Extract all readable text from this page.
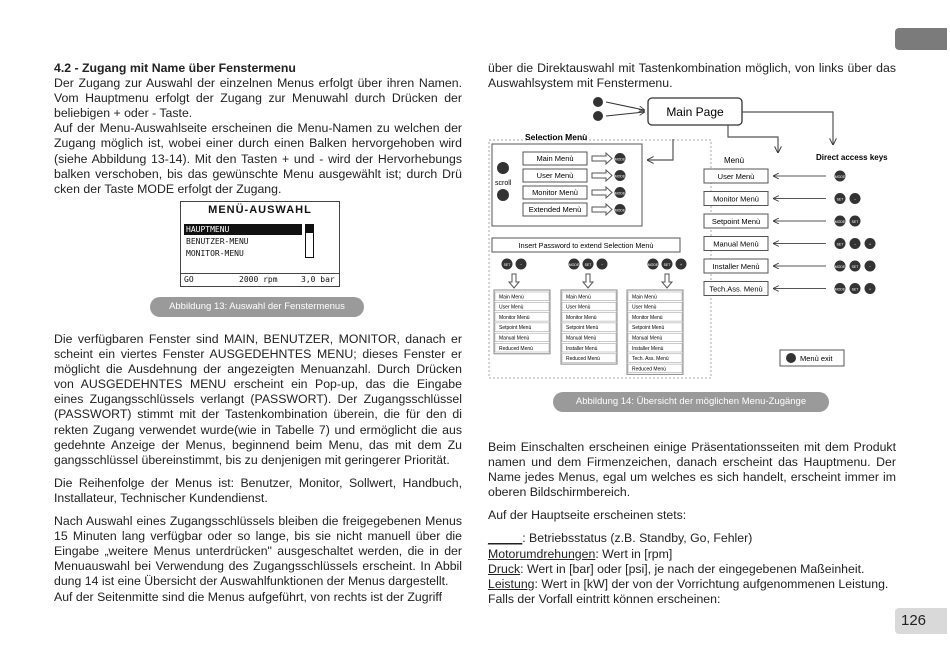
4.2 - Zugang mit Name über Fenstermenu

Der Zugang zur Auswahl der einzelnen Menus erfolgt über ihren Namen. Vom Hauptmenu erfolgt der Zugang zur Menuwahl durch Drücken der beliebigen + oder - Taste.

Auf der Menu-Auswahlseite erscheinen die Menu-Namen zu welchen der Zugang möglich ist, wobei einer durch einen Balken hervorgehoben wird (siehe Abbildung 13-14). Mit den Tasten + und - wird der Hervorhebungs balken verschoben, bis das gewünschte Menu ausgewählt ist; durch Drü cken der Taste MODE erfolgt der Zugang.

MENÜ-AUSWAHL
HAUPTMENU
BENUTZER-MENU
MONITOR-MENU
GO	2000 rpm	3,0 bar
Abbildung 13: Auswahl der Fenstermenus

Die verfügbaren Fenster sind MAIN, BENUTZER, MONITOR, danach er scheint ein viertes Fenster AUSGEDEHNTES MENU; dieses Fenster er möglicht die Ausdehnung der angezeigten Menuanzahl. Durch Drücken von AUSGEDEHNTES MENU erscheint ein Pop-up, das die Eingabe eines Zugangsschlüssels verlangt (PASSWORT). Der Zugangsschlüssel (PASSWORT) stimmt mit der Tastenkombination überein, die für den di rekten Zugang verwendet wurde(wie in Tabelle 7) und ermöglicht die aus gedehnte Anzeige der Menus, beginnend beim Menu, das mit dem Zu gangsschlüssel übereinstimmt, bis zu denjenigen mit geringerer Priorität.

Die Reihenfolge der Menus ist: Benutzer, Monitor, Sollwert, Handbuch, Installateur, Technischer Kundendienst.

Nach Auswahl eines Zugangsschlüssels bleiben die freigegebenen Menus 15 Minuten lang verfügbar oder so lange, bis sie nicht manuell über die Eingabe „weitere Menus unterdrücken" ausgeschaltet werden, die in der Menuauswahl bei Verwendung des Zugangsschlüssels erscheint. In Abbil dung 14 ist eine Übersicht der Auswahlfunktionen der Menus dargestellt.

Auf der Seitenmitte sind die Menus aufgeführt, von rechts ist der Zugriff

über die Direktauswahl mit Tastenkombination möglich, von links über das Auswahlsystem mit Fenstermenu.

Main Page
Selection Menù
scroll
Main Menù	MODE
User Menù	MODE
Monitor Menù	MODE
Extended Menù	MODE
Insert Password to extend Selection Menù
SET	−	MODE SET	−	MODE SET	+
Menù
User Menù
Monitor Menù
Setpoint Menù
Manual Menù
Installer Menù
Tech.Ass. Menù
Direct access keys
MODE
SET	−
MODE SET
SET	−	+
MODE SET	−
MODE SET	+
Main Menù
User Menù
Monitor Menù
Setpoint Menù
Manual Menù
Reduced Menù
Main Menù
User Menù
Monitor Menù
Setpoint Menù
Manual Menù
Installer Menù
Reduced Menù
Main Menù
User Menù
Monitor Menù
Setpoint Menù
Manual Menù
Installer Menù
Tech. Ass. Menù
Reduced Menù
Menù exit
Abbildung 14: Übersicht der möglichen Menu-Zugänge

Beim Einschalten erscheinen einige Präsentationsseiten mit dem Produkt namen und dem Firmenzeichen, danach erscheint das Hauptmenu. Der Name jedes Menus, egal um welches es sich handelt, erscheint immer im oberen Bildschirmbereich.

Auf der Hauptseite erscheinen stets:

_____: Betriebsstatus (z.B. Standby, Go, Fehler)

Motorumdrehungen: Wert in [rpm]

Druck: Wert in [bar] oder [psi], je nach der eingegebenen Maßeinheit.

Leistung: Wert in [kW] der von der Vorrichtung aufgenommenen Leistung.

Falls der Vorfall eintritt können erscheinen:

126
